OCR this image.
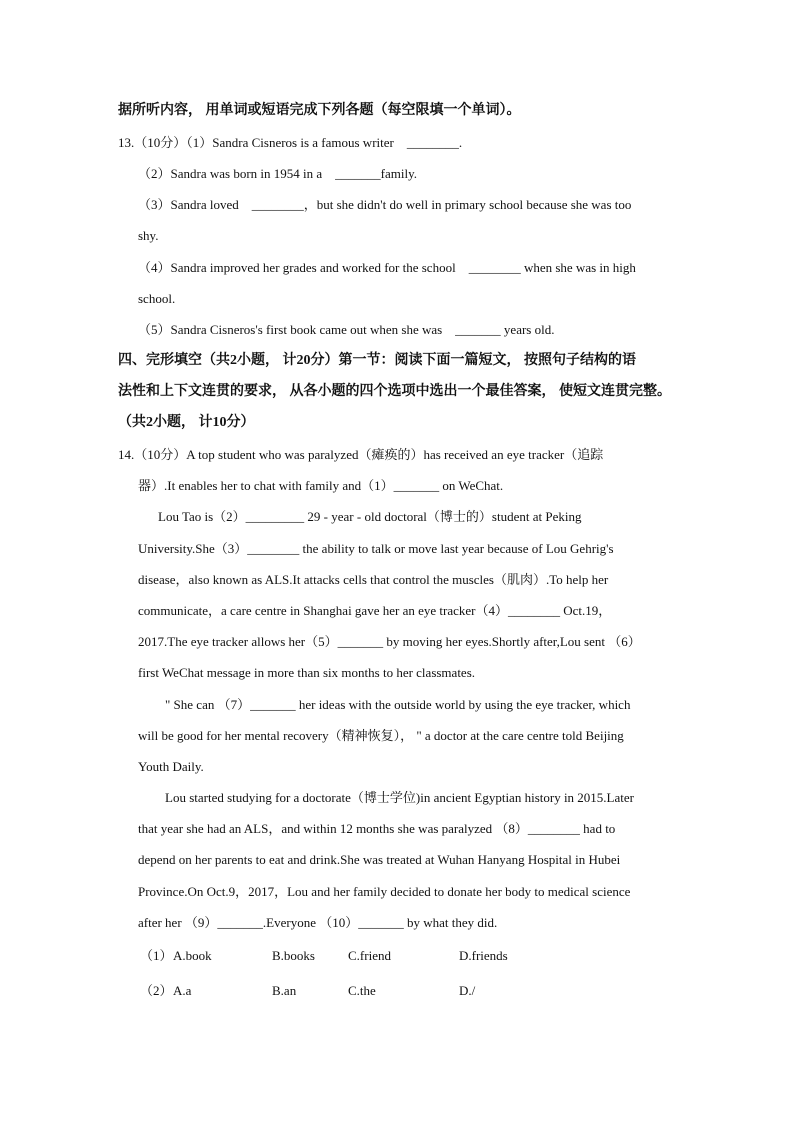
据所听内容， 用单词或短语完成下列各题（每空限填一个单词）。
13.（10分）（1）Sandra Cisneros is a famous writer　________.
（2）Sandra was born in 1954 in a　_______family.
（3）Sandra loved　________，but she didn't do well in primary school because she was too
shy.
（4）Sandra improved her grades and worked for the school　________ when she was in high
school.
（5）Sandra Cisneros's first book came out when she was　_______ years old.
四、完形填空（共2小题， 计20分）第一节：阅读下面一篇短文， 按照句子结构的语
法性和上下文连贯的要求， 从各小题的四个选项中选出一个最佳答案， 使短文连贯完整。
（共2小题， 计10分）
14.（10分）A top student who was paralyzed（瘫痪的）has received an eye tracker（追踪
器）.It enables her to chat with family and（1）_______ on WeChat.
Lou Tao is（2）_________ 29 - year - old doctoral（博士的）student at Peking
University.She（3）________ the ability to talk or move last year because of Lou Gehrig's
disease，also known as ALS.It attacks cells that control the muscles（肌肉）.To help her
communicate，a care centre in Shanghai gave her an eye tracker（4）________ Oct.19，
2017.The eye tracker allows her（5）_______ by moving her eyes.Shortly after,Lou sent （6）
first WeChat message in more than six months to her classmates.
" She can （7）_______ her ideas with the outside world by using the eye tracker, which
will be good for her mental recovery（精神恢复）， " a doctor at the care centre told Beijing
Youth Daily.
Lou started studying for a doctorate（博士学位)in ancient Egyptian history in 2015.Later
that year she had an ALS，and within 12 months she was paralyzed （8）________ had to
depend on her parents to eat and drink.She was treated at Wuhan Hanyang Hospital in Hubei
Province.On Oct.9，2017，Lou and her family decided to donate her body to medical science
after her （9）_______.Everyone （10）_______ by what they did.
（1） A.book	B.books	C.friend	D.friends
（2） A.a	B.an	C.the	D./
